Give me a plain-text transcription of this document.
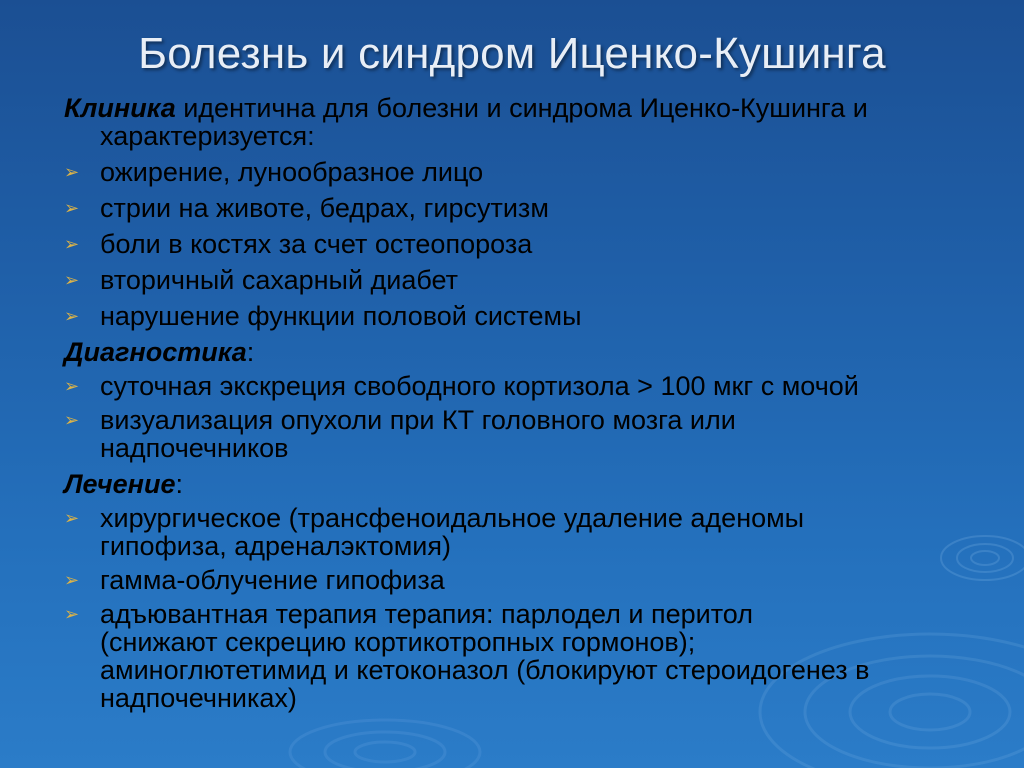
Болезнь и синдром Иценко-Кушинга
Клиника идентична для болезни и синдрома Иценко-Кушинга и
характеризуется:
➢ ожирение, лунообразное лицо
➢ стрии на животе, бедрах, гирсутизм
➢ боли в костях за счет остеопороза
➢ вторичный сахарный диабет
➢ нарушение функции половой системы
Диагностика:
➢ суточная экскреция свободного кортизола > 100 мкг с мочой
➢ визуализация опухоли при КТ головного мозга или
надпочечников
Лечение:
➢ хирургическое (трансфеноидальное удаление аденомы
гипофиза, адреналэктомия)
➢ гамма-облучение гипофиза
➢ адъювантная терапия терапия: парлодел и перитол
(снижают секрецию кортикотропных гормонов);
аминоглютетимид и кетоконазол (блокируют стероидогенез в
надпочечниках)
